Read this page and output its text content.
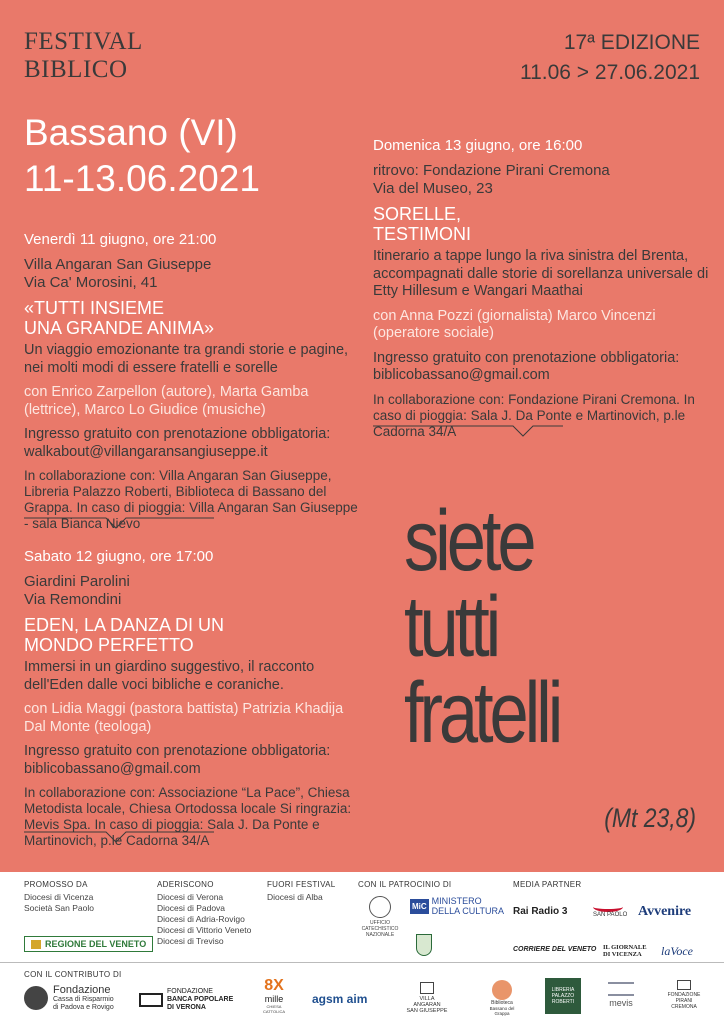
FESTIVAL
BIBLICO
17ª EDIZIONE
11.06 > 27.06.2021
Bassano (VI)
11-13.06.2021
Venerdì 11 giugno, ore 21:00
Villa Angaran San Giuseppe
Via Ca' Morosini, 41
«TUTTI INSIEME
UNA GRANDE ANIMA»
Un viaggio emozionante tra grandi storie e pagine, nei molti modi di essere fratelli e sorelle
con Enrico Zarpellon (autore), Marta Gamba (lettrice), Marco Lo Giudice (musiche)
Ingresso gratuito con prenotazione obbligatoria:
walkabout@villangaransangiuseppe.it
In collaborazione con: Villa Angaran San Giuseppe, Libreria Palazzo Roberti, Biblioteca di Bassano del Grappa. In caso di pioggia: Villa Angaran San Giuseppe - sala Bianca Nievo
Sabato 12 giugno, ore 17:00
Giardini Parolini
Via Remondini
EDEN, LA DANZA DI UN
MONDO PERFETTO
Immersi in un giardino suggestivo, il racconto dell'Eden dalle voci bibliche e coraniche.
con Lidia Maggi (pastora battista) Patrizia Khadija Dal Monte (teologa)
Ingresso gratuito con prenotazione obbligatoria:
biblicobassano@gmail.com
In collaborazione con: Associazione “La Pace”, Chiesa Metodista locale, Chiesa Ortodossa locale Si ringrazia: Mevis Spa. In caso di pioggia: Sala J. Da Ponte e Martinovich, p.le Cadorna 34/A
Domenica 13 giugno, ore 16:00
ritrovo: Fondazione Pirani Cremona
Via del Museo, 23
SORELLE,
TESTIMONI
Itinerario a tappe lungo la riva sinistra del Brenta, accompagnati dalle storie di sorellanza universale di Etty Hillesum e Wangari Maathai
con Anna Pozzi (giornalista) Marco Vincenzi (operatore sociale)
Ingresso gratuito con prenotazione obbligatoria:
biblicobassano@gmail.com
In collaborazione con: Fondazione Pirani Cremona. In caso di pioggia: Sala J. Da Ponte e Martinovich, p.le Cadorna 34/A
siete
tutti
fratelli
(Mt 23,8)
PROMOSSO DA
Diocesi di Vicenza
Società San Paolo
REGIONE DEL VENETO
ADERISCONO
Diocesi di Verona
Diocesi di Padova
Diocesi di Adria-Rovigo
Diocesi di Vittorio Veneto
Diocesi di Treviso
FUORI FESTIVAL
Diocesi di Alba
CON IL PATROCINIO DI
UFFICIO CATECHISTICO NAZIONALE
MiC MINISTERO DELLA CULTURA
MEDIA PARTNER
Rai Radio 3	SAN PAOLO Avvenire
CORRIERE DEL VENETO IL GIORNALE DI VICENZA	laVoce
CON IL CONTRIBUTO DI
Fondazione
Cassa di Risparmio
di Padova e Rovigo
FONDAZIONE
BANCA POPOLARE
DI VERONA
8X
mille
CHIESA CATTOLICA
agsm aim	VILLA ANGARAN
SAN GIUSEPPE
Biblioteca
Bassano del Grappa
LIBRERIA PALAZZO ROBERTI	mevis
FONDAZIONE
PIRANI
CREMONA
